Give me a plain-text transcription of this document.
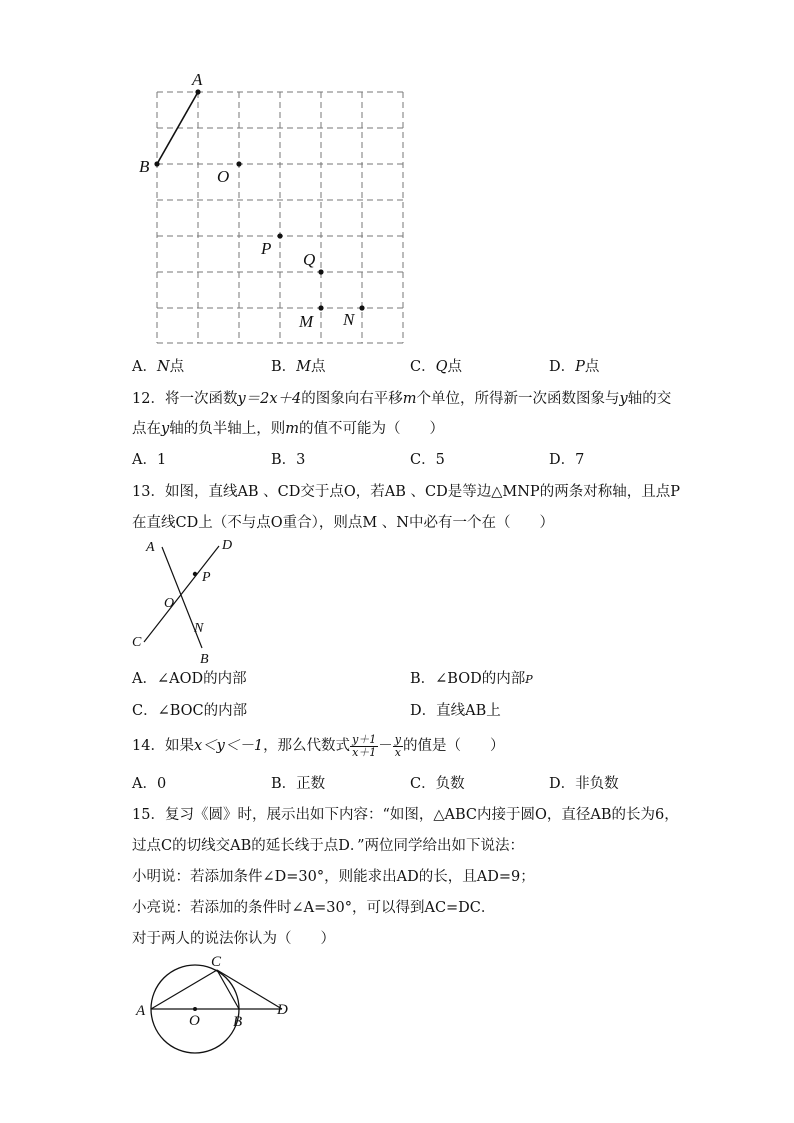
A
B
O
P
Q
M N
A．N点	B．M点	C．Q点	D．P点
12．将一次函数y＝2x＋4的图象向右平移m个单位，所得新一次函数图象与y轴的交
点在y轴的负半轴上，则m的值不可能为（　　）
A．1	B．3	C．5	D．7
13．如图，直线AB 、CD交于点O，若AB 、CD是等边△MNP的两条对称轴，且点P
在直线CD上（不与点O重合），则点M 、N中必有一个在（　　）
A	D
P
O
N
C
B
A．∠AOD的内部	B．∠BOD的内部P
C．∠BOC的内部	D．直线AB上
14．如果x＜y＜－1，那么代数式 $\frac{y+1}{x+1} - \frac{y}{x}$ 的值是（　　）
A．0	B．正数	C．负数	D．非负数
15．复习《圆》时，展示出如下内容：“如图，△ABC内接于圆O，直径AB的长为6，
过点C的切线交AB的延长线于点D．”两位同学给出如下说法：
小明说：若添加条件∠D=30°，则能求出AD的长，且AD=9；
小亮说：若添加的条件时∠A=30°，可以得到AC=DC．
对于两人的说法你认为（　　）
C
A
O B
D
